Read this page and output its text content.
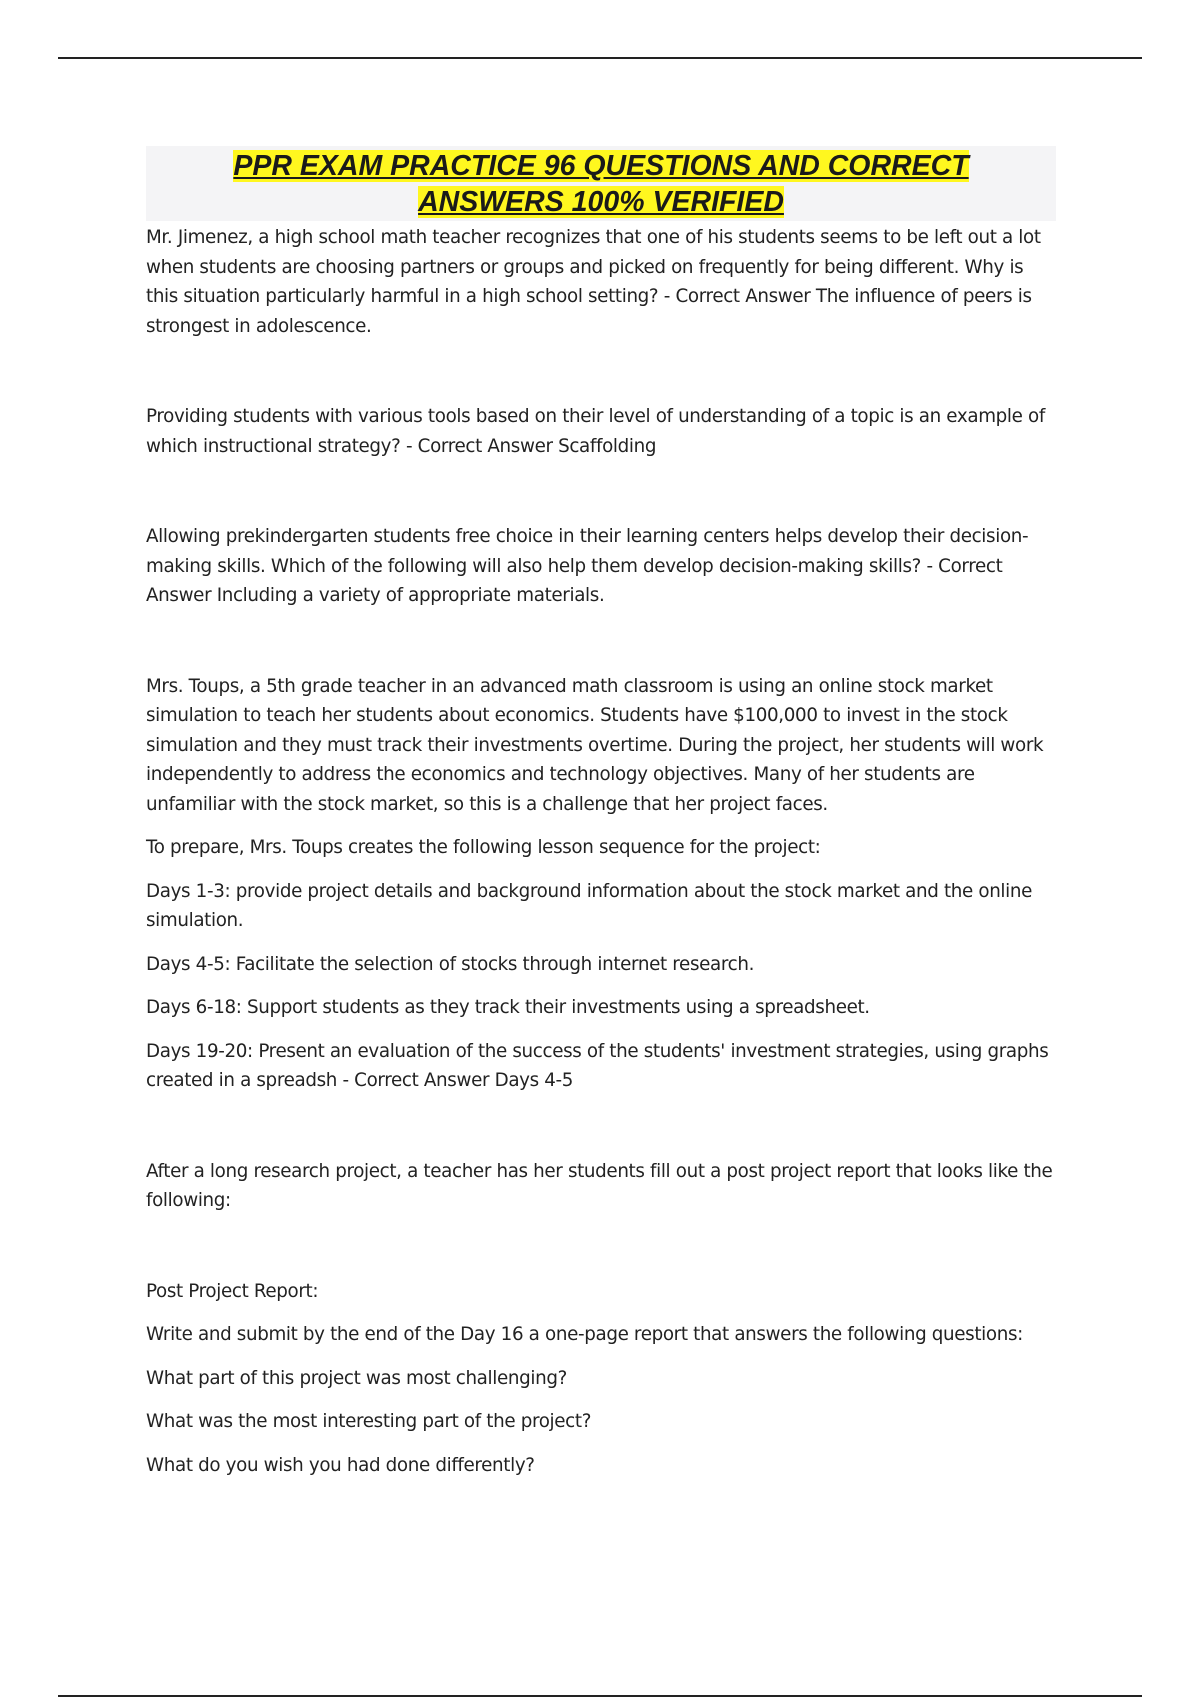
PPR EXAM PRACTICE 96 QUESTIONS AND CORRECT
ANSWERS 100% VERIFIED

Mr. Jimenez, a high school math teacher recognizes that one of his students seems to be left out a lot when students are choosing partners or groups and picked on frequently for being different. Why is this situation particularly harmful in a high school setting? - Correct Answer The influence of peers is strongest in adolescence.

Providing students with various tools based on their level of understanding of a topic is an example of which instructional strategy? - Correct Answer Scaffolding

Allowing prekindergarten students free choice in their learning centers helps develop their decision-making skills. Which of the following will also help them develop decision-making skills? - Correct Answer Including a variety of appropriate materials.

Mrs. Toups, a 5th grade teacher in an advanced math classroom is using an online stock market simulation to teach her students about economics. Students have $100,000 to invest in the stock simulation and they must track their investments overtime. During the project, her students will work independently to address the economics and technology objectives. Many of her students are unfamiliar with the stock market, so this is a challenge that her project faces.

To prepare, Mrs. Toups creates the following lesson sequence for the project:

Days 1-3: provide project details and background information about the stock market and the online simulation.

Days 4-5: Facilitate the selection of stocks through internet research.

Days 6-18: Support students as they track their investments using a spreadsheet.

Days 19-20: Present an evaluation of the success of the students' investment strategies, using graphs created in a spreadsh - Correct Answer Days 4-5

After a long research project, a teacher has her students fill out a post project report that looks like the following:

Post Project Report:

Write and submit by the end of the Day 16 a one-page report that answers the following questions:

What part of this project was most challenging?

What was the most interesting part of the project?

What do you wish you had done differently?
